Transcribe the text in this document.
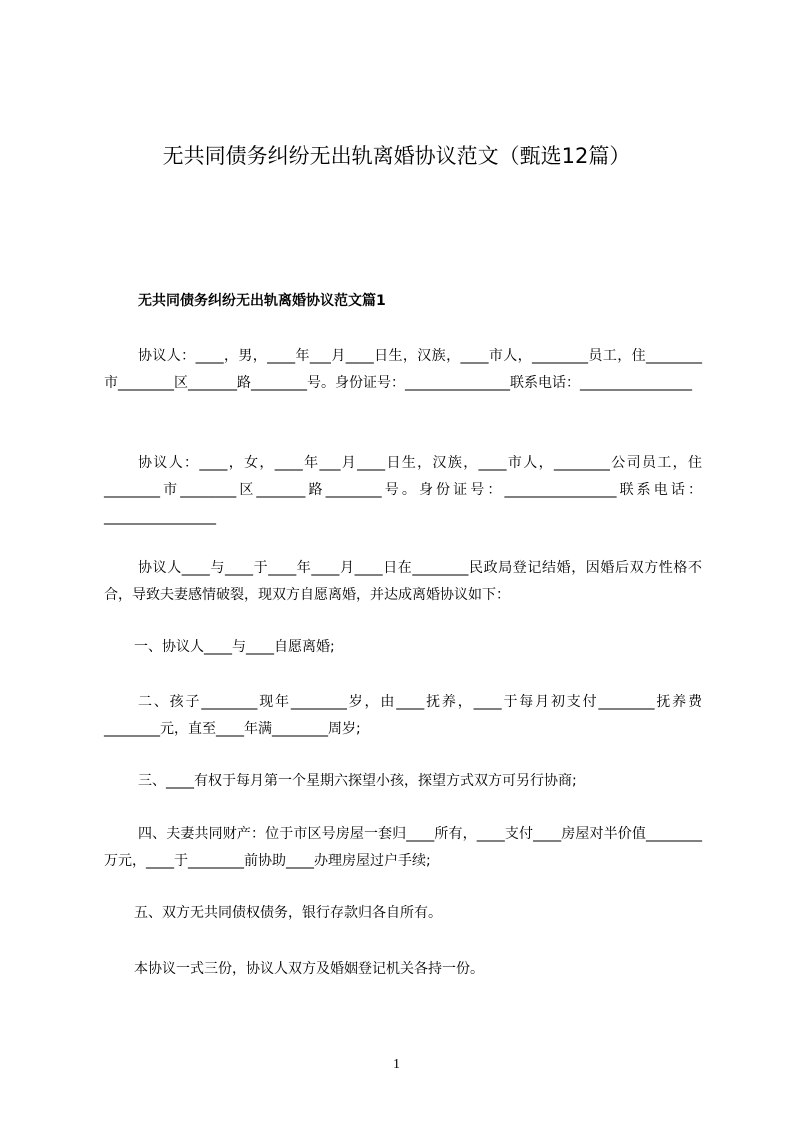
无共同债务纠纷无出轨离婚协议范文（甄选12篇）
无共同债务纠纷无出轨离婚协议范文篇1
协议人：____，男，____年___月____日生，汉族，____市人，________员工，住________市________区_______路________号。身份证号：_______________联系电话：________________
协议人：____，女，____年___月____日生，汉族，____市人，________公司员工，住________市________区_______路________号。身份证号：________________联系电话：________________
协议人____与____于____年____月____日在________民政局登记结婚，因婚后双方性格不合，导致夫妻感情破裂，现双方自愿离婚，并达成离婚协议如下：
一、协议人____与____自愿离婚;
二、孩子________现年________岁，由____抚养，____于每月初支付________抚养费________元，直至____年满________周岁;
三、____有权于每月第一个星期六探望小孩，探望方式双方可另行协商;
四、夫妻共同财产：位于市区号房屋一套归____所有，____支付____房屋对半价值________万元，____于________前协助____办理房屋过户手续;
五、双方无共同债权债务，银行存款归各自所有。
本协议一式三份，协议人双方及婚姻登记机关各持一份。
1
